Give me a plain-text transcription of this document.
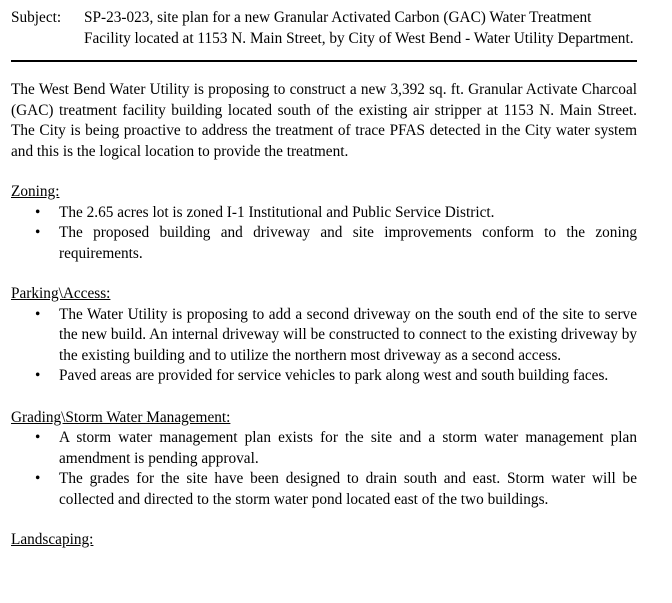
Subject:	SP-23-023, site plan for a new Granular Activated Carbon (GAC) Water Treatment Facility located at 1153 N. Main Street, by City of West Bend - Water Utility Department.

The West Bend Water Utility is proposing to construct a new 3,392 sq. ft. Granular Activate Charcoal (GAC) treatment facility building located south of the existing air stripper at 1153 N. Main Street. The City is being proactive to address the treatment of trace PFAS detected in the City water system and this is the logical location to provide the treatment.

Zoning:

• The 2.65 acres lot is zoned I-1 Institutional and Public Service District.
• The proposed building and driveway and site improvements conform to the zoning requirements.

Parking\Access:

• The Water Utility is proposing to add a second driveway on the south end of the site to serve the new build. An internal driveway will be constructed to connect to the existing driveway by the existing building and to utilize the northern most driveway as a second access.
• Paved areas are provided for service vehicles to park along west and south building faces.

Grading\Storm Water Management:

• A storm water management plan exists for the site and a storm water management plan amendment is pending approval.
• The grades for the site have been designed to drain south and east. Storm water will be collected and directed to the storm water pond located east of the two buildings.

Landscaping:
